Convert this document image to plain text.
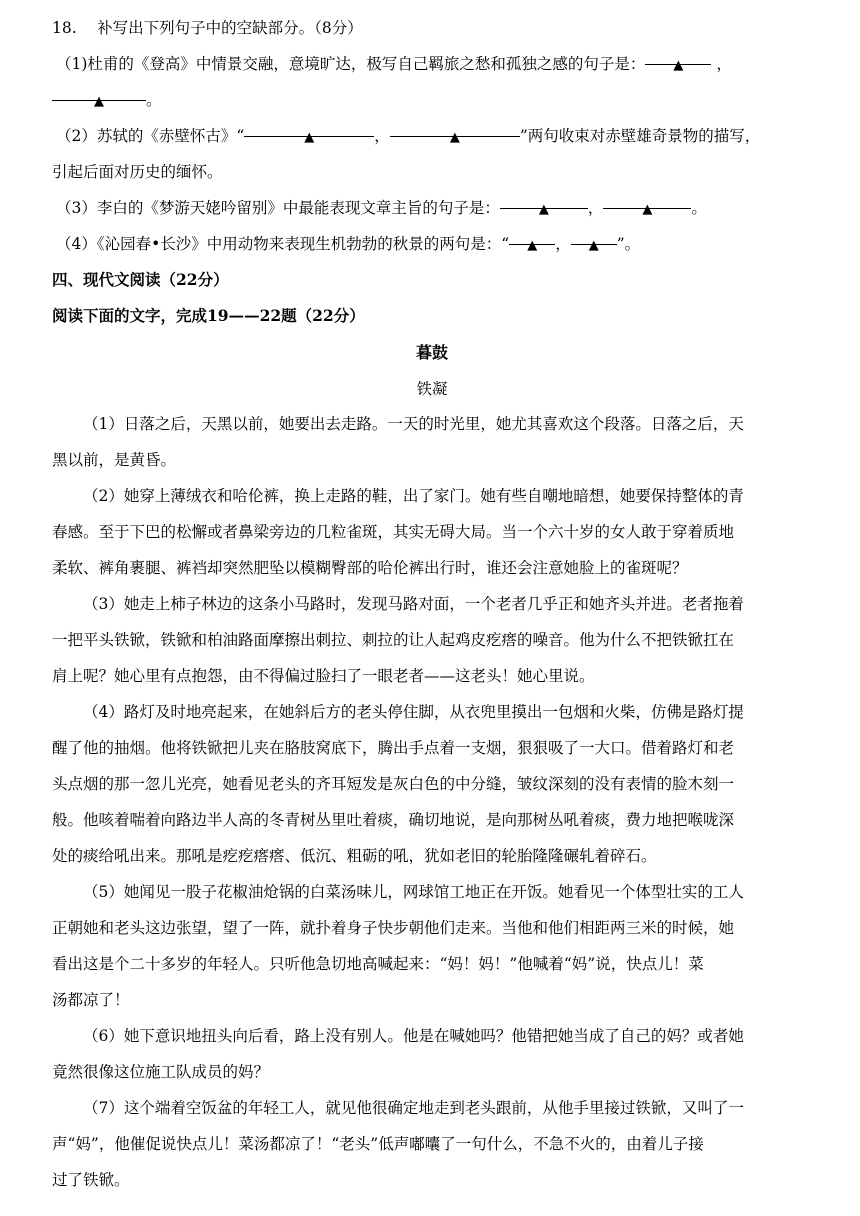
18.　 补写出下列句子中的空缺部分。（8分）
（1)杜甫的《登高》中情景交融，意境旷达，极写自己羁旅之愁和孤独之感的句子是： ▲ ，
▲	。
（2）苏轼的《赤壁怀古》“	▲	，	▲	”两句收束对赤壁雄奇景物的描写，
引起后面对历史的缅怀。
（3）李白的《梦游天姥吟留别》中最能表现文章主旨的句子是：	▲	，	▲	。
（4）《沁园春•长沙》中用动物来表现生机勃勃的秋景的两句是：“ ▲ ， ▲ ”。
四、现代文阅读（22分）
阅读下面的文字，完成19——22题（22分）
暮鼓
铁凝
（1）日落之后，天黑以前，她要出去走路。一天的时光里，她尤其喜欢这个段落。日落之后，天
黑以前，是黄昏。
（2）她穿上薄绒衣和哈伦裤，换上走路的鞋，出了家门。她有些自嘲地暗想，她要保持整体的青
春感。至于下巴的松懈或者鼻梁旁边的几粒雀斑，其实无碍大局。当一个六十岁的女人敢于穿着质地
柔软、裤角裹腿、裤裆却突然肥坠以模糊臀部的哈伦裤出行时，谁还会注意她脸上的雀斑呢？
（3）她走上柿子林边的这条小马路时，发现马路对面，一个老者几乎正和她齐头并进。老者拖着
一把平头铁锨，铁锨和柏油路面摩擦出刺拉、刺拉的让人起鸡皮疙瘩的噪音。他为什么不把铁锨扛在
肩上呢？她心里有点抱怨，由不得偏过脸扫了一眼老者——这老头！她心里说。
（4）路灯及时地亮起来，在她斜后方的老头停住脚，从衣兜里摸出一包烟和火柴，仿佛是路灯提
醒了他的抽烟。他将铁锨把儿夹在胳肢窝底下，腾出手点着一支烟，狠狠吸了一大口。借着路灯和老
头点烟的那一忽儿光亮，她看见老头的齐耳短发是灰白色的中分缝，皱纹深刻的没有表情的脸木刻一
般。他咳着喘着向路边半人高的冬青树丛里吐着痰，确切地说，是向那树丛吼着痰，费力地把喉咙深
处的痰给吼出来。那吼是疙疙瘩瘩、低沉、粗砺的吼，犹如老旧的轮胎隆隆碾轧着碎石。
（5）她闻见一股子花椒油炝锅的白菜汤味儿，网球馆工地正在开饭。她看见一个体型壮实的工人
正朝她和老头这边张望，望了一阵，就扑着身子快步朝他们走来。当他和他们相距两三米的时候，她
看出这是个二十多岁的年轻人。只听他急切地高喊起来：“妈！妈！”他喊着“妈”说，快点儿！菜
汤都凉了！
（6）她下意识地扭头向后看，路上没有别人。他是在喊她吗？他错把她当成了自己的妈？或者她
竟然很像这位施工队成员的妈？
（7）这个端着空饭盆的年轻工人，就见他很确定地走到老头跟前，从他手里接过铁锨，又叫了一
声“妈”，他催促说快点儿！菜汤都凉了！“老头”低声嘟囔了一句什么，不急不火的，由着儿子接
过了铁锨。
